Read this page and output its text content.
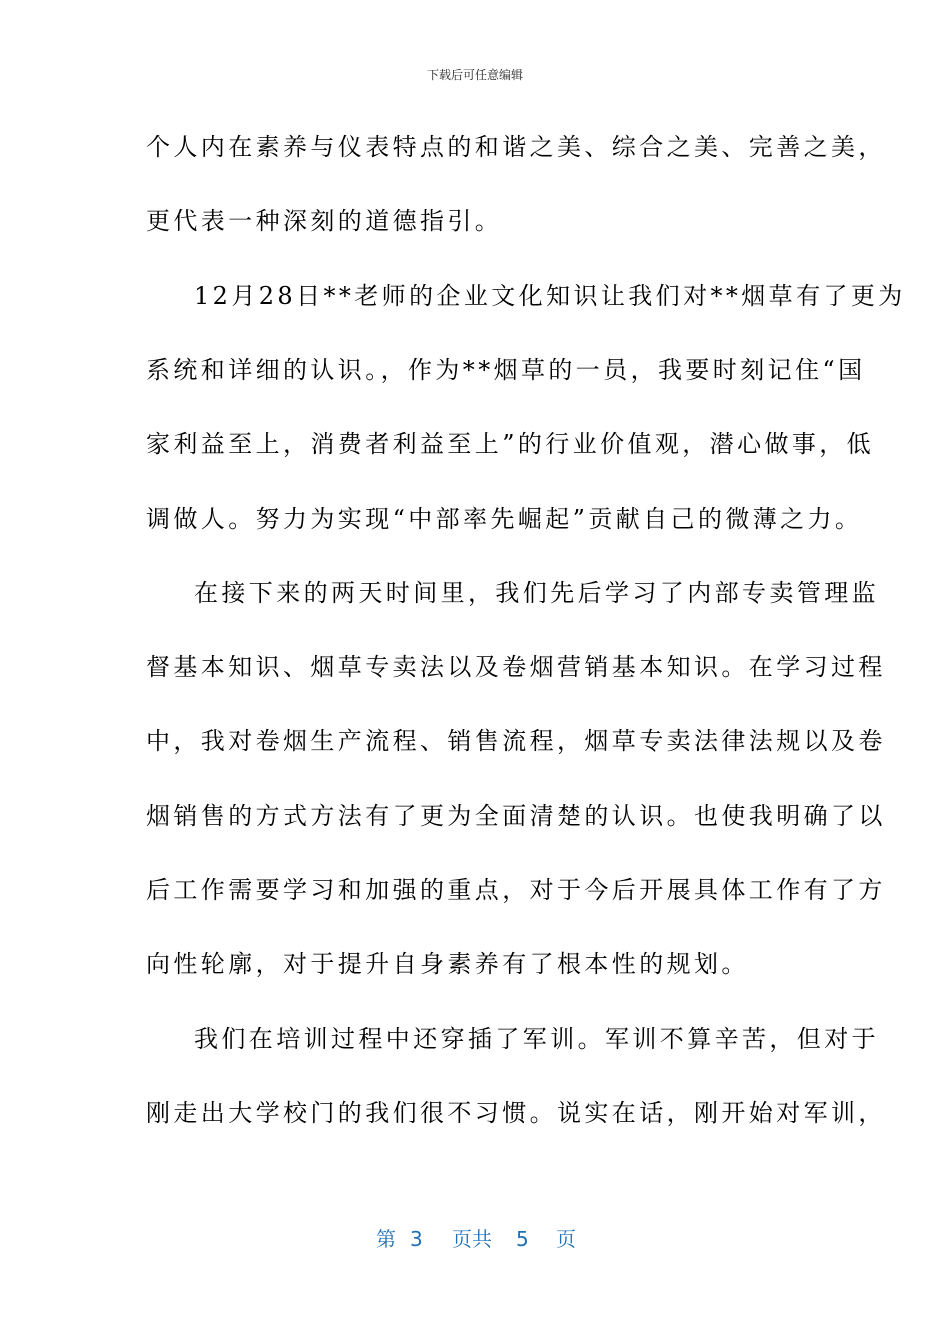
下载后可任意编辑
个人内在素养与仪表特点的和谐之美、综合之美、完善之美，
更代表一种深刻的道德指引。
12月28日**老师的企业文化知识让我们对**烟草有了更为
系统和详细的认识。，作为**烟草的一员，我要时刻记住“国
家利益至上，消费者利益至上”的行业价值观，潜心做事，低
调做人。努力为实现“中部率先崛起”贡献自己的微薄之力。
在接下来的两天时间里，我们先后学习了内部专卖管理监
督基本知识、烟草专卖法以及卷烟营销基本知识。在学习过程
中，我对卷烟生产流程、销售流程，烟草专卖法律法规以及卷
烟销售的方式方法有了更为全面清楚的认识。也使我明确了以
后工作需要学习和加强的重点，对于今后开展具体工作有了方
向性轮廓，对于提升自身素养有了根本性的规划。
我们在培训过程中还穿插了军训。军训不算辛苦，但对于
刚走出大学校门的我们很不习惯。说实在话，刚开始对军训，
第 3 页共 5 页
